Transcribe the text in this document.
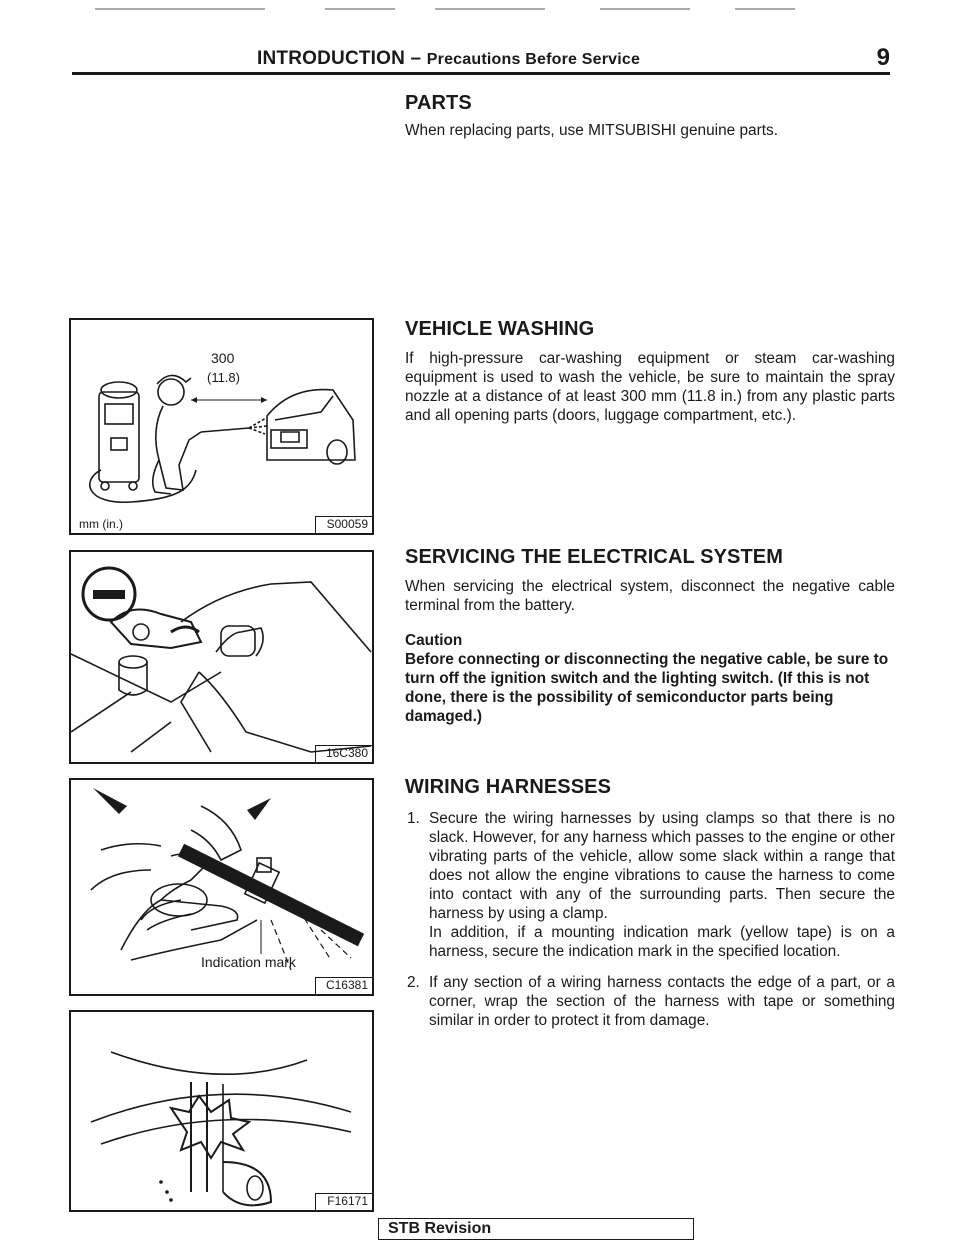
INTRODUCTION – Precautions Before Service	9
300
(11.8)
mm (in.)	S00059
16C380
Indication mark
C16381
F16171
PARTS

When replacing parts, use MITSUBISHI genuine parts.

VEHICLE WASHING

If high-pressure car-washing equipment or steam car-washing equipment is used to wash the vehicle, be sure to maintain the spray nozzle at a distance of at least 300 mm (11.8 in.) from any plastic parts and all opening parts (doors, luggage compartment, etc.).

SERVICING THE ELECTRICAL SYSTEM

When servicing the electrical system, disconnect the negative cable terminal from the battery.

Caution
Before connecting or disconnecting the negative cable, be sure to turn off the ignition switch and the lighting switch. (If this is not done, there is the possibility of semiconductor parts being damaged.)
WIRING HARNESSES
1. Secure the wiring harnesses by using clamps so that there is no slack. However, for any harness which passes to the engine or other vibrating parts of the vehicle, allow some slack within a range that does not allow the engine vibrations to cause the harness to come into contact with any of the surrounding parts. Then secure the harness by using a clamp.
In addition, if a mounting indication mark (yellow tape) is on a harness, secure the indication mark in the specified location.
2. If any section of a wiring harness contacts the edge of a part, or a corner, wrap the section of the harness with tape or something similar in order to protect it from damage.
STB Revision
